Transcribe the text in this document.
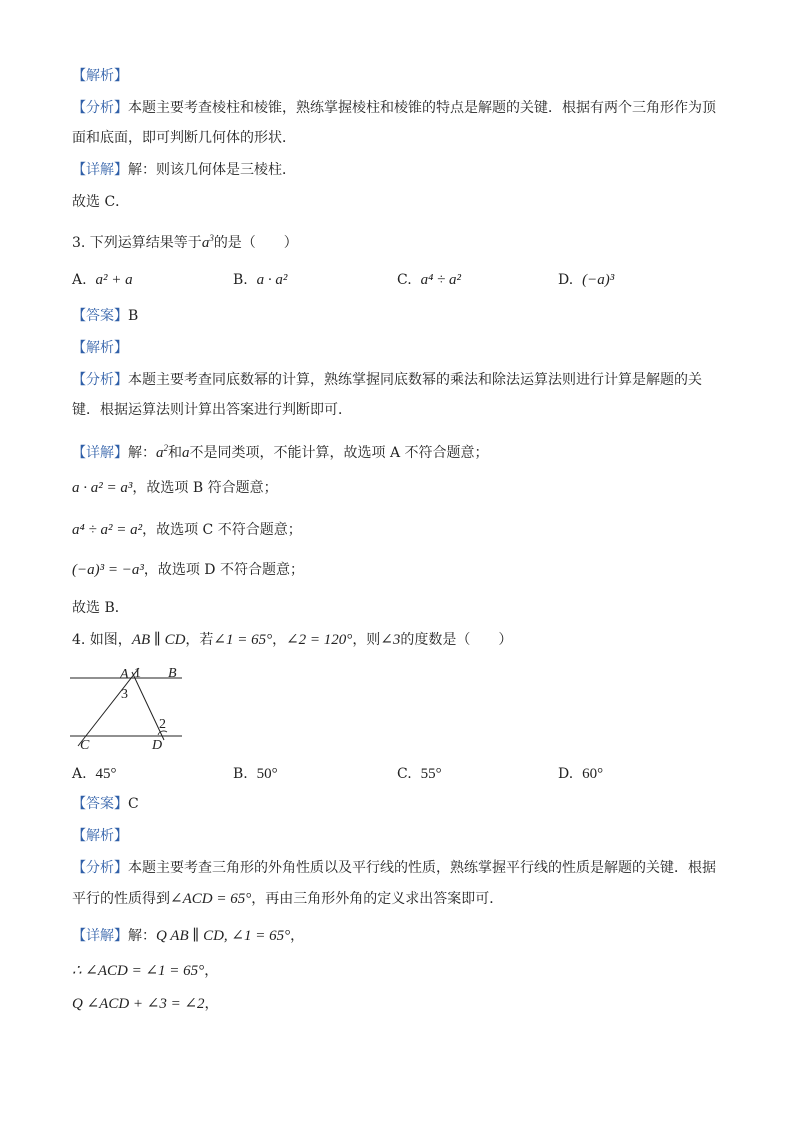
【解析】
【分析】本题主要考查棱柱和棱锥，熟练掌握棱柱和棱锥的特点是解题的关键．根据有两个三角形作为顶
面和底面，即可判断几何体的形状．
【详解】解：则该几何体是三棱柱．
故选 C．
3. 下列运算结果等于$a^3$的是（　　）
A. a² + a	B. a · a²	C. a⁴ ÷ a²	D. (−a)³
【答案】B
【解析】
【分析】本题主要考查同底数幂的计算，熟练掌握同底数幂的乘法和除法运算法则进行计算是解题的关
键．根据运算法则计算出答案进行判断即可．
【详解】解：$a^2$和a不是同类项，不能计算，故选项 A 不符合题意；
a · a² = a³，故选项 B 符合题意；
a⁴ ÷ a² = a²，故选项 C 不符合题意；
(−a)³ = −a³，故选项 D 不符合题意；
故选 B．
4. 如图，AB ∥ CD，若∠1 = 65°，∠2 = 120°，则∠3的度数是（　　）
A	B
C	D
1
2
3
A. 45°	B. 50°	C. 55°	D. 60°
【答案】C
【解析】
【分析】本题主要考查三角形的外角性质以及平行线的性质，熟练掌握平行线的性质是解题的关键．根据
平行的性质得到∠ACD = 65°，再由三角形外角的定义求出答案即可．
【详解】解：Q AB ∥ CD, ∠1 = 65°，
∴ ∠ACD = ∠1 = 65°，
Q ∠ACD + ∠3 = ∠2，
